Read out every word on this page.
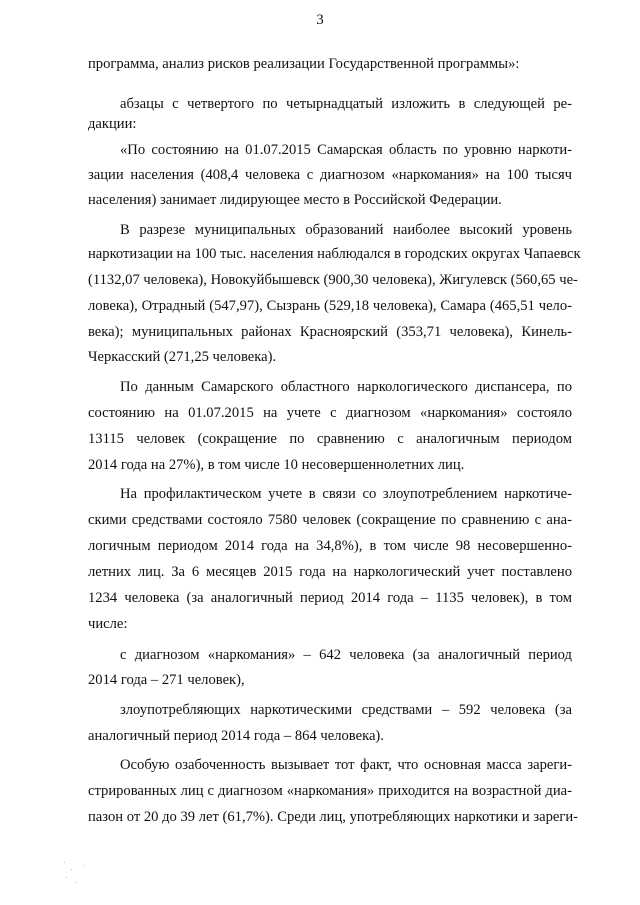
3
программа, анализ рисков реализации Государственной программы»:
абзацы с четвертого по четырнадцатый изложить в следующей ре-
дакции:
«По состоянию на 01.07.2015 Самарская область по уровню наркоти-
зации населения (408,4 человека с диагнозом «наркомания» на 100 тысяч
населения) занимает лидирующее место в Российской Федерации.
В разрезе муниципальных образований наиболее высокий уровень
наркотизации на 100 тыс. населения наблюдался в городских округах Чапаевск
(1132,07 человека), Новокуйбышевск (900,30 человека), Жигулевск (560,65 че-
ловека), Отрадный (547,97), Сызрань (529,18 человека), Самара (465,51 чело-
века); муниципальных районах Красноярский (353,71 человека), Кинель-
Черкасский (271,25 человека).
По данным Самарского областного наркологического диспансера, по
состоянию на 01.07.2015 на учете с диагнозом «наркомания» состояло
13115 человек (сокращение по сравнению с аналогичным периодом
2014 года на 27%), в том числе 10 несовершеннолетних лиц.
На профилактическом учете в связи со злоупотреблением наркотиче-
скими средствами состояло 7580 человек (сокращение по сравнению с ана-
логичным периодом 2014 года на 34,8%), в том числе 98 несовершенно-
летних лиц. За 6 месяцев 2015 года на наркологический учет поставлено
1234 человека (за аналогичный период 2014 года – 1135 человек), в том
числе:
с диагнозом «наркомания» – 642 человека (за аналогичный период
2014 года – 271 человек),
злоупотребляющих наркотическими средствами – 592 человека (за
аналогичный период 2014 года – 864 человека).
Особую озабоченность вызывает тот факт, что основная масса зареги-
стрированных лиц с диагнозом «наркомания» приходится на возрастной диа-
пазон от 20 до 39 лет (61,7%). Среди лиц, употребляющих наркотики и зареги-
